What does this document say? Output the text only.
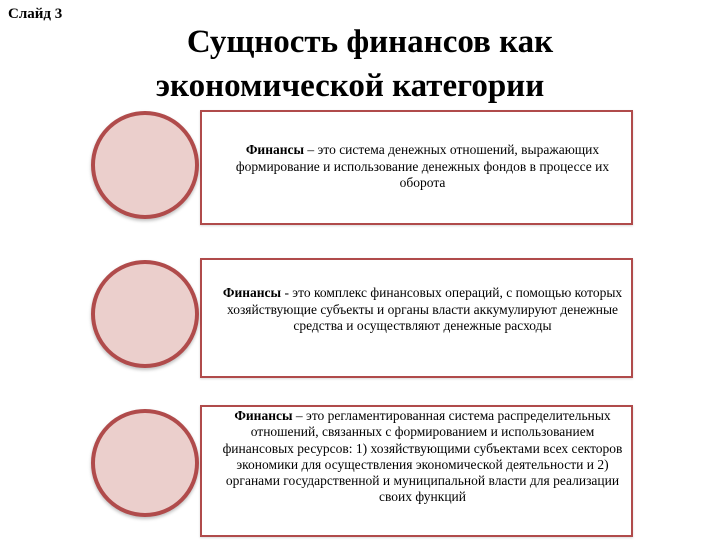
Слайд 3
Сущность финансов как
экономической категории
Финансы – это система денежных отношений, выражающих формирование и использование денежных фондов в процессе их оборота
Финансы - это комплекс финансовых операций, с помощью которых хозяйствующие субъекты и органы власти аккумулируют денежные средства и осуществляют денежные расходы
Финансы – это регламентированная система распределительных отношений, связанных с формированием и использованием финансовых ресурсов: 1) хозяйствующими субъектами всех секторов экономики для осуществления экономической деятельности и 2) органами государственной и муниципальной власти для реализации своих функций
